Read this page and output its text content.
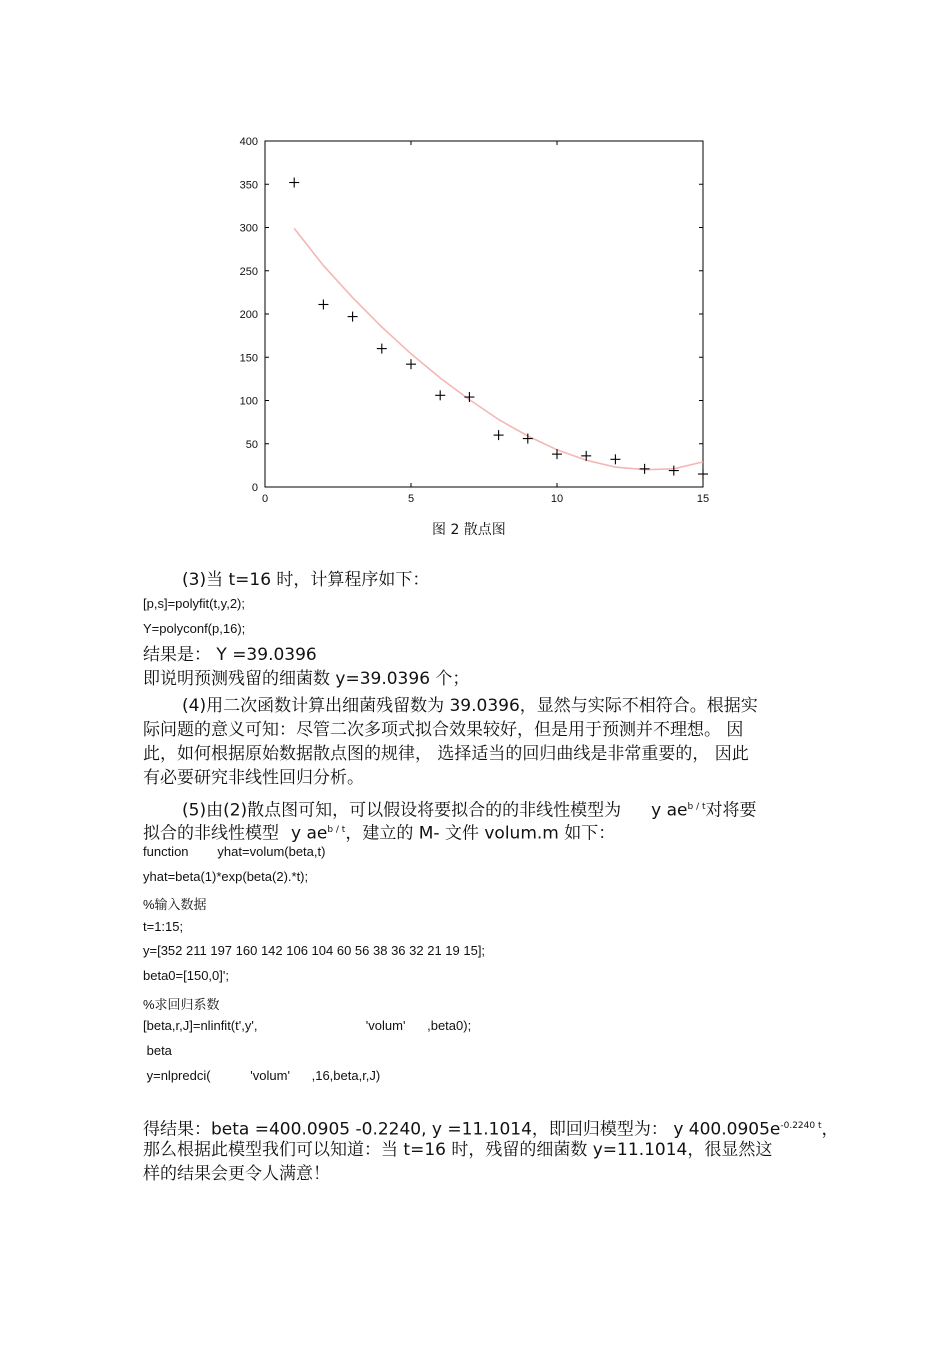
0
50
100
150
200
250
300
350
400
0	5	10	15
图 2 散点图
(3)当 t=16 时，计算程序如下：
[p,s]=polyfit(t,y,2);
Y=polyconf(p,16);
结果是： Y =39.0396
即说明预测残留的细菌数 y=39.0396 个；
(4)用二次函数计算出细菌残留数为 39.0396，显然与实际不相符合。根据实
际问题的意义可知：尽管二次多项式拟合效果较好，但是用于预测并不理想。 因
此，如何根据原始数据散点图的规律， 选择适当的回归曲线是非常重要的， 因此
有必要研究非线性回归分析。
(5)由(2)散点图可知，可以假设将要拟合的的非线性模型为 y $ae^{b / t}$对将要
拟合的非线性模型 y $ae^{b / t}$，建立的 M- 文件 volum.m 如下：
function        yhat=volum(beta,t)
yhat=beta(1)*exp(beta(2).*t);
%输入数据
t=1:15;
y=[352 211 197 160 142 106 104 60 56 38 36 32 21 19 15];
beta0=[150,0]';
%求回归系数
[beta,r,J]=nlinfit(t',y',                              'volum'      ,beta0);
beta
y=nlpredci(           'volum'      ,16,beta,r,J)
得结果：beta =400.0905 -0.2240, y =11.1014，即回归模型为： y $400.0905e^{-0.2240 t}$，
那么根据此模型我们可以知道：当 t=16 时，残留的细菌数 y=11.1014，很显然这
样的结果会更令人满意！
